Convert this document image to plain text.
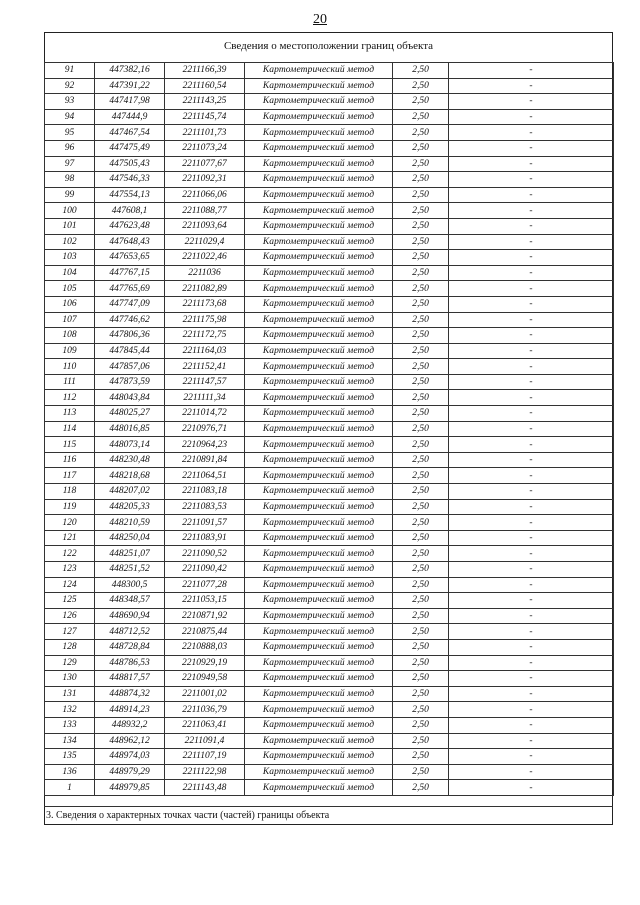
20
Сведения о местоположении границ объекта
91	447382,16	2211166,39	Картометрический метод	2,50	-
92	447391,22	2211160,54	Картометрический метод	2,50	-
93	447417,98	2211143,25	Картометрический метод	2,50	-
94	447444,9	2211145,74	Картометрический метод	2,50	-
95	447467,54	2211101,73	Картометрический метод	2,50	-
96	447475,49	2211073,24	Картометрический метод	2,50	-
97	447505,43	2211077,67	Картометрический метод	2,50	-
98	447546,33	2211092,31	Картометрический метод	2,50	-
99	447554,13	2211066,06	Картометрический метод	2,50	-
100	447608,1	2211088,77	Картометрический метод	2,50	-
101	447623,48	2211093,64	Картометрический метод	2,50	-
102	447648,43	2211029,4	Картометрический метод	2,50	-
103	447653,65	2211022,46	Картометрический метод	2,50	-
104	447767,15	2211036	Картометрический метод	2,50	-
105	447765,69	2211082,89	Картометрический метод	2,50	-
106	447747,09	2211173,68	Картометрический метод	2,50	-
107	447746,62	2211175,98	Картометрический метод	2,50	-
108	447806,36	2211172,75	Картометрический метод	2,50	-
109	447845,44	2211164,03	Картометрический метод	2,50	-
110	447857,06	2211152,41	Картометрический метод	2,50	-
111	447873,59	2211147,57	Картометрический метод	2,50	-
112	448043,84	2211111,34	Картометрический метод	2,50	-
113	448025,27	2211014,72	Картометрический метод	2,50	-
114	448016,85	2210976,71	Картометрический метод	2,50	-
115	448073,14	2210964,23	Картометрический метод	2,50	-
116	448230,48	2210891,84	Картометрический метод	2,50	-
117	448218,68	2211064,51	Картометрический метод	2,50	-
118	448207,02	2211083,18	Картометрический метод	2,50	-
119	448205,33	2211083,53	Картометрический метод	2,50	-
120	448210,59	2211091,57	Картометрический метод	2,50	-
121	448250,04	2211083,91	Картометрический метод	2,50	-
122	448251,07	2211090,52	Картометрический метод	2,50	-
123	448251,52	2211090,42	Картометрический метод	2,50	-
124	448300,5	2211077,28	Картометрический метод	2,50	-
125	448348,57	2211053,15	Картометрический метод	2,50	-
126	448690,94	2210871,92	Картометрический метод	2,50	-
127	448712,52	2210875,44	Картометрический метод	2,50	-
128	448728,84	2210888,03	Картометрический метод	2,50	-
129	448786,53	2210929,19	Картометрический метод	2,50	-
130	448817,57	2210949,58	Картометрический метод	2,50	-
131	448874,32	2211001,02	Картометрический метод	2,50	-
132	448914,23	2211036,79	Картометрический метод	2,50	-
133	448932,2	2211063,41	Картометрический метод	2,50	-
134	448962,12	2211091,4	Картометрический метод	2,50	-
135	448974,03	2211107,19	Картометрический метод	2,50	-
136	448979,29	2211122,98	Картометрический метод	2,50	-
1	448979,85	2211143,48	Картометрический метод	2,50	-
3. Сведения о характерных точках части (частей) границы объекта
